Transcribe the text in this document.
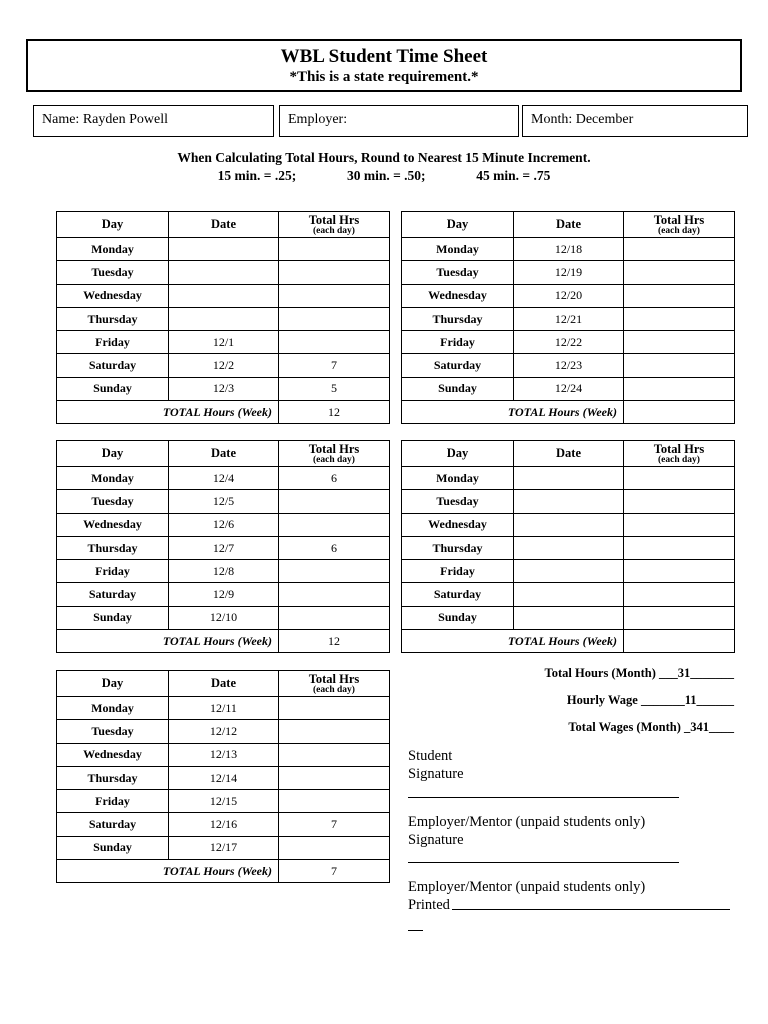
WBL Student Time Sheet
*This is a state requirement.*
Name: Rayden Powell	Employer:	Month: December
When Calculating Total Hours, Round to Nearest 15 Minute Increment.
15 min. = .25;	30 min. = .50;	45 min. = .75
Day	Date	Total Hrs
(each day)

Monday		
Tuesday		
Wednesday		
Thursday		
Friday	12/1	
Saturday	12/2	7
Sunday	12/3	5
TOTAL Hours (Week)		12
Day	Date	Total Hrs
(each day)

Monday	12/18	
Tuesday	12/19	
Wednesday	12/20	
Thursday	12/21	
Friday	12/22	
Saturday	12/23	
Sunday	12/24	
TOTAL Hours (Week)		
Day	Date	Total Hrs
(each day)

Monday	12/4	6
Tuesday	12/5	
Wednesday	12/6	
Thursday	12/7	6
Friday	12/8	
Saturday	12/9	
Sunday	12/10	
TOTAL Hours (Week)		12
Day	Date	Total Hrs
(each day)

Monday		
Tuesday		
Wednesday		
Thursday		
Friday		
Saturday		
Sunday		
TOTAL Hours (Week)		
Day	Date	Total Hrs
(each day)

Monday	12/11	
Tuesday	12/12	
Wednesday	12/13	
Thursday	12/14	
Friday	12/15	
Saturday	12/16	7
Sunday	12/17	
TOTAL Hours (Week)		7
Total Hours (Month) ___31_______
Hourly Wage _______11______
Total Wages (Month) _341____
Student
Signature
Employer/Mentor (unpaid students only)
Signature
Employer/Mentor (unpaid students only)
Printed
